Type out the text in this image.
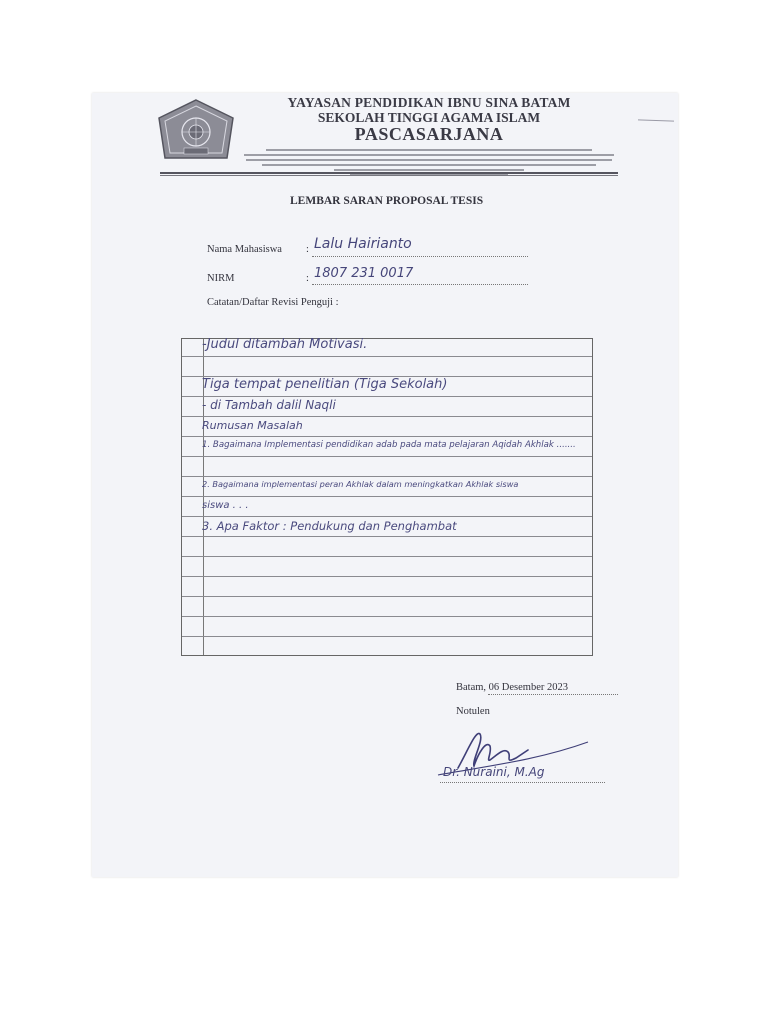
YAYASAN PENDIDIKAN IBNU SINA BATAM
SEKOLAH TINGGI AGAMA ISLAM
PASCASARJANA
LEMBAR SARAN PROPOSAL TESIS
Nama Mahasiswa : Lalu Hairianto
NIRM	: 1807 231 0017
Catatan/Daftar Revisi Penguji :
-Judul ditambah Motivasi.
Tiga tempat penelitian (Tiga Sekolah)
- di Tambah dalil Naqli
Rumusan Masalah
1. Bagaimana Implementasi pendidikan adab pada mata pelajaran Aqidah Akhlak .......
2. Bagaimana implementasi peran Akhlak dalam meningkatkan Akhlak siswa
siswa . . .
3. Apa Faktor : Pendukung dan Penghambat
Batam, 06 Desember 2023
Notulen
Dr. Nuraini, M.Ag
